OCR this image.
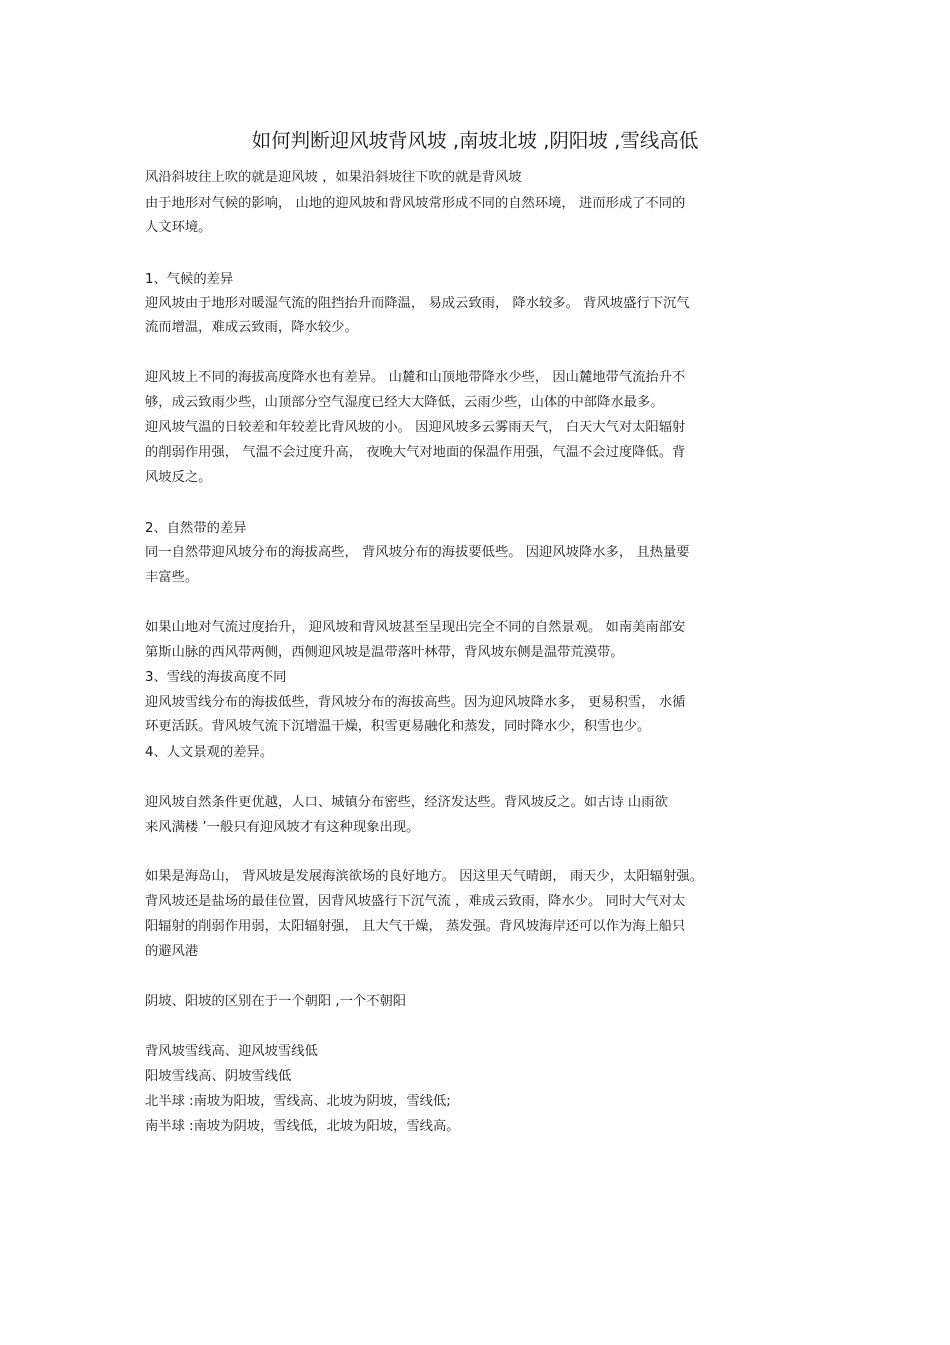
如何判断迎风坡背风坡 ,南坡北坡 ,阴阳坡 ,雪线高低
风沿斜坡往上吹的就是迎风坡 ，如果沿斜坡往下吹的就是背风坡
由于地形对气候的影响， 山地的迎风坡和背风坡常形成不同的自然环境， 进而形成了不同的
人文环境。
1、气候的差异
迎风坡由于地形对暖湿气流的阻挡抬升而降温， 易成云致雨， 降水较多。 背风坡盛行下沉气
流而增温，难成云致雨，降水较少。
迎风坡上不同的海拔高度降水也有差异。 山麓和山顶地带降水少些， 因山麓地带气流抬升不
够，成云致雨少些，山顶部分空气湿度已经大大降低，云雨少些，山体的中部降水最多。
迎风坡气温的日较差和年较差比背风坡的小。 因迎风坡多云雾雨天气， 白天大气对太阳辐射
的削弱作用强， 气温不会过度升高， 夜晚大气对地面的保温作用强，气温不会过度降低。背
风坡反之。
2、自然带的差异
同一自然带迎风坡分布的海拔高些， 背风坡分布的海拔要低些。 因迎风坡降水多， 且热量要
丰富些。
如果山地对气流过度抬升， 迎风坡和背风坡甚至呈现出完全不同的自然景观。 如南美南部安
第斯山脉的西风带两侧，西侧迎风坡是温带落叶林带，背风坡东侧是温带荒漠带。
3、雪线的海拔高度不同
迎风坡雪线分布的海拔低些，背风坡分布的海拔高些。因为迎风坡降水多， 更易积雪， 水循
环更活跃。背风坡气流下沉增温干燥，积雪更易融化和蒸发，同时降水少，积雪也少。
4、人文景观的差异。
迎风坡自然条件更优越，人口、城镇分布密些，经济发达些。背风坡反之。如古诗 山雨欲
来风满楼 ’一般只有迎风坡才有这种现象出现。
如果是海岛山， 背风坡是发展海滨欲场的良好地方。 因这里天气晴朗， 雨天少，太阳辐射强。
背风坡还是盐场的最佳位置，因背风坡盛行下沉气流 ，难成云致雨，降水少。 同时大气对太
阳辐射的削弱作用弱，太阳辐射强， 且大气干燥， 蒸发强。背风坡海岸还可以作为海上船只
的避风港
阴坡、阳坡的区别在于一个朝阳 ,一个不朝阳
背风坡雪线高、迎风坡雪线低
阳坡雪线高、阴坡雪线低
北半球 :南坡为阳坡，雪线高、北坡为阴坡，雪线低;
南半球 :南坡为阴坡，雪线低，北坡为阳坡，雪线高。
